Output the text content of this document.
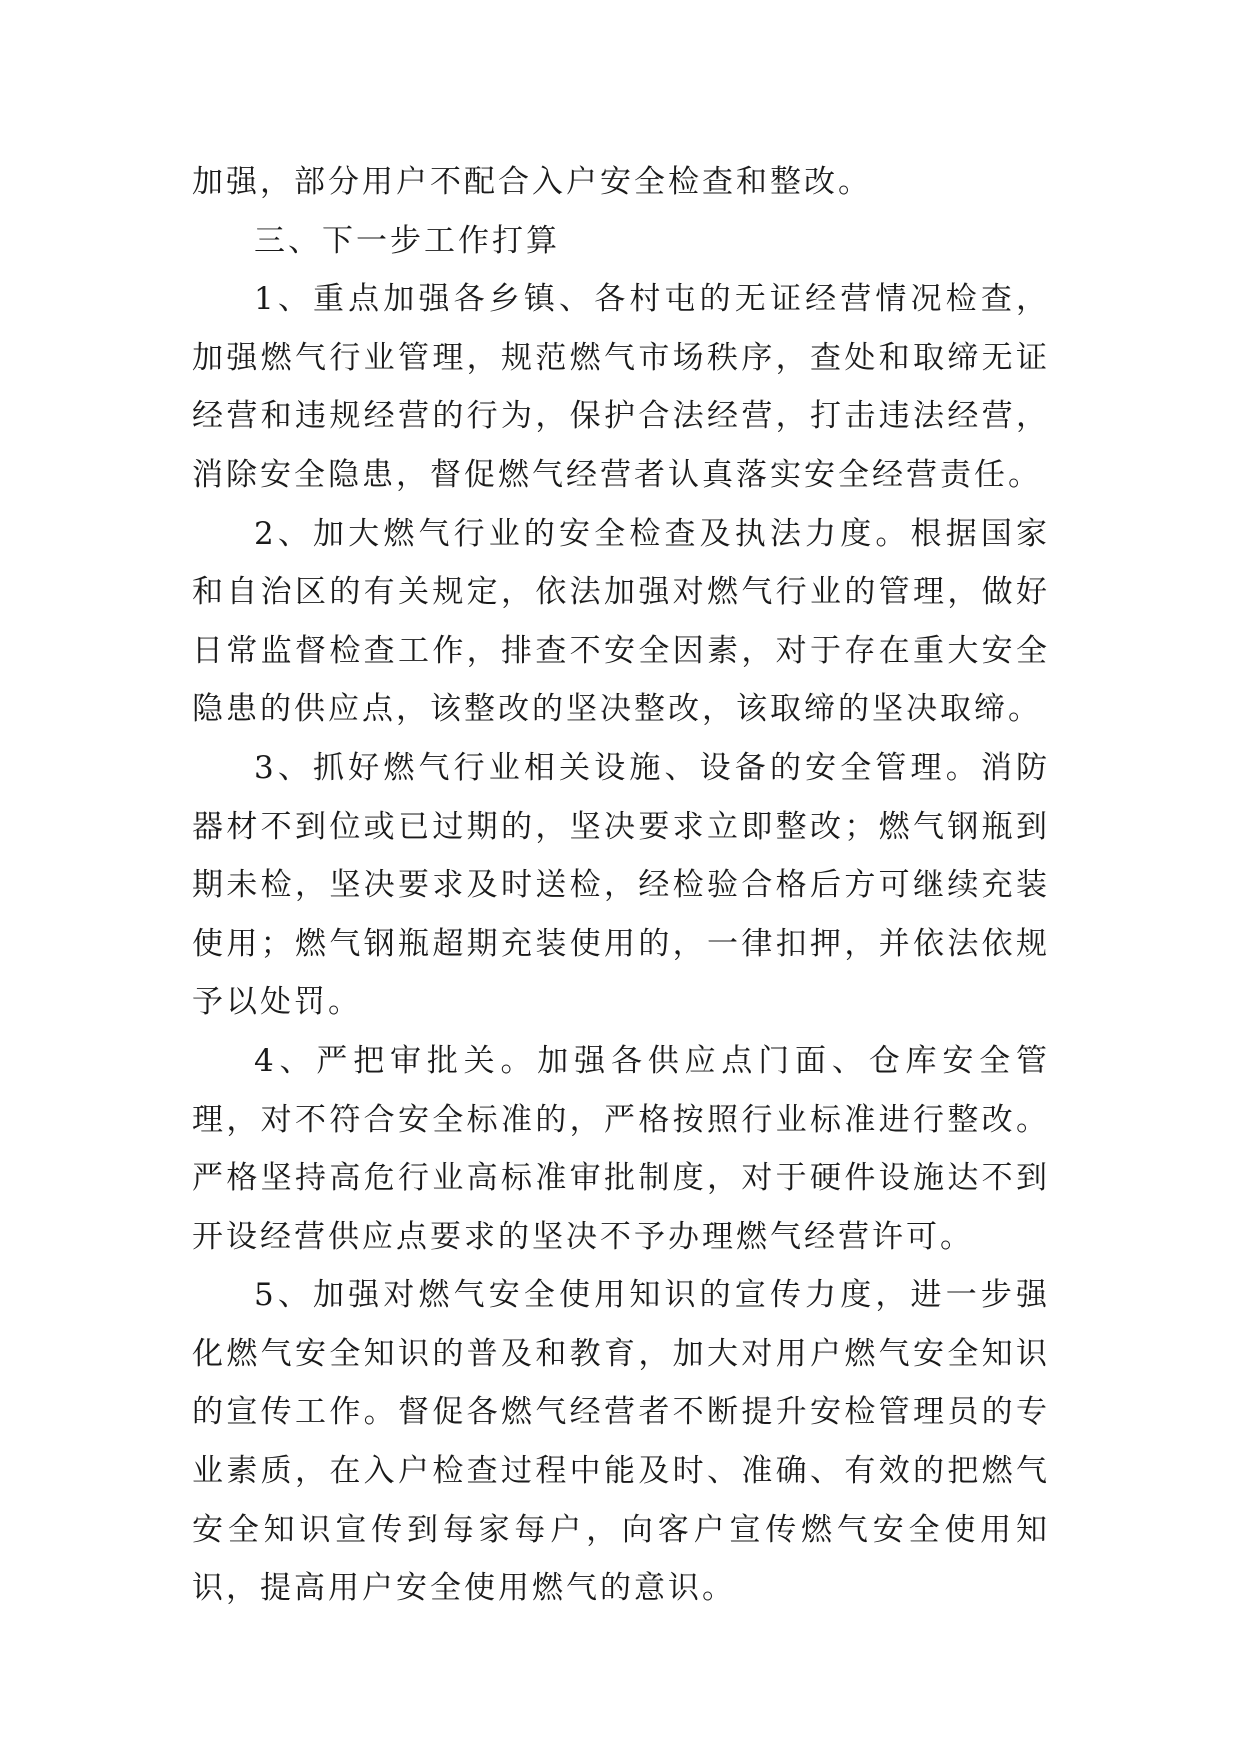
加强，部分用户不配合入户安全检查和整改。

三、下一步工作打算

1、重点加强各乡镇、各村屯的无证经营情况检查，加强燃气行业管理，规范燃气市场秩序，查处和取缔无证经营和违规经营的行为，保护合法经营，打击违法经营，消除安全隐患，督促燃气经营者认真落实安全经营责任。

2、加大燃气行业的安全检查及执法力度。根据国家和自治区的有关规定，依法加强对燃气行业的管理，做好日常监督检查工作，排查不安全因素，对于存在重大安全隐患的供应点，该整改的坚决整改，该取缔的坚决取缔。

3、抓好燃气行业相关设施、设备的安全管理。消防器材不到位或已过期的，坚决要求立即整改；燃气钢瓶到期未检，坚决要求及时送检，经检验合格后方可继续充装使用；燃气钢瓶超期充装使用的，一律扣押，并依法依规予以处罚。

4、严把审批关。加强各供应点门面、仓库安全管理，对不符合安全标准的，严格按照行业标准进行整改。严格坚持高危行业高标准审批制度，对于硬件设施达不到开设经营供应点要求的坚决不予办理燃气经营许可。

5、加强对燃气安全使用知识的宣传力度，进一步强化燃气安全知识的普及和教育，加大对用户燃气安全知识的宣传工作。督促各燃气经营者不断提升安检管理员的专业素质，在入户检查过程中能及时、准确、有效的把燃气安全知识宣传到每家每户，向客户宣传燃气安全使用知识，提高用户安全使用燃气的意识。
